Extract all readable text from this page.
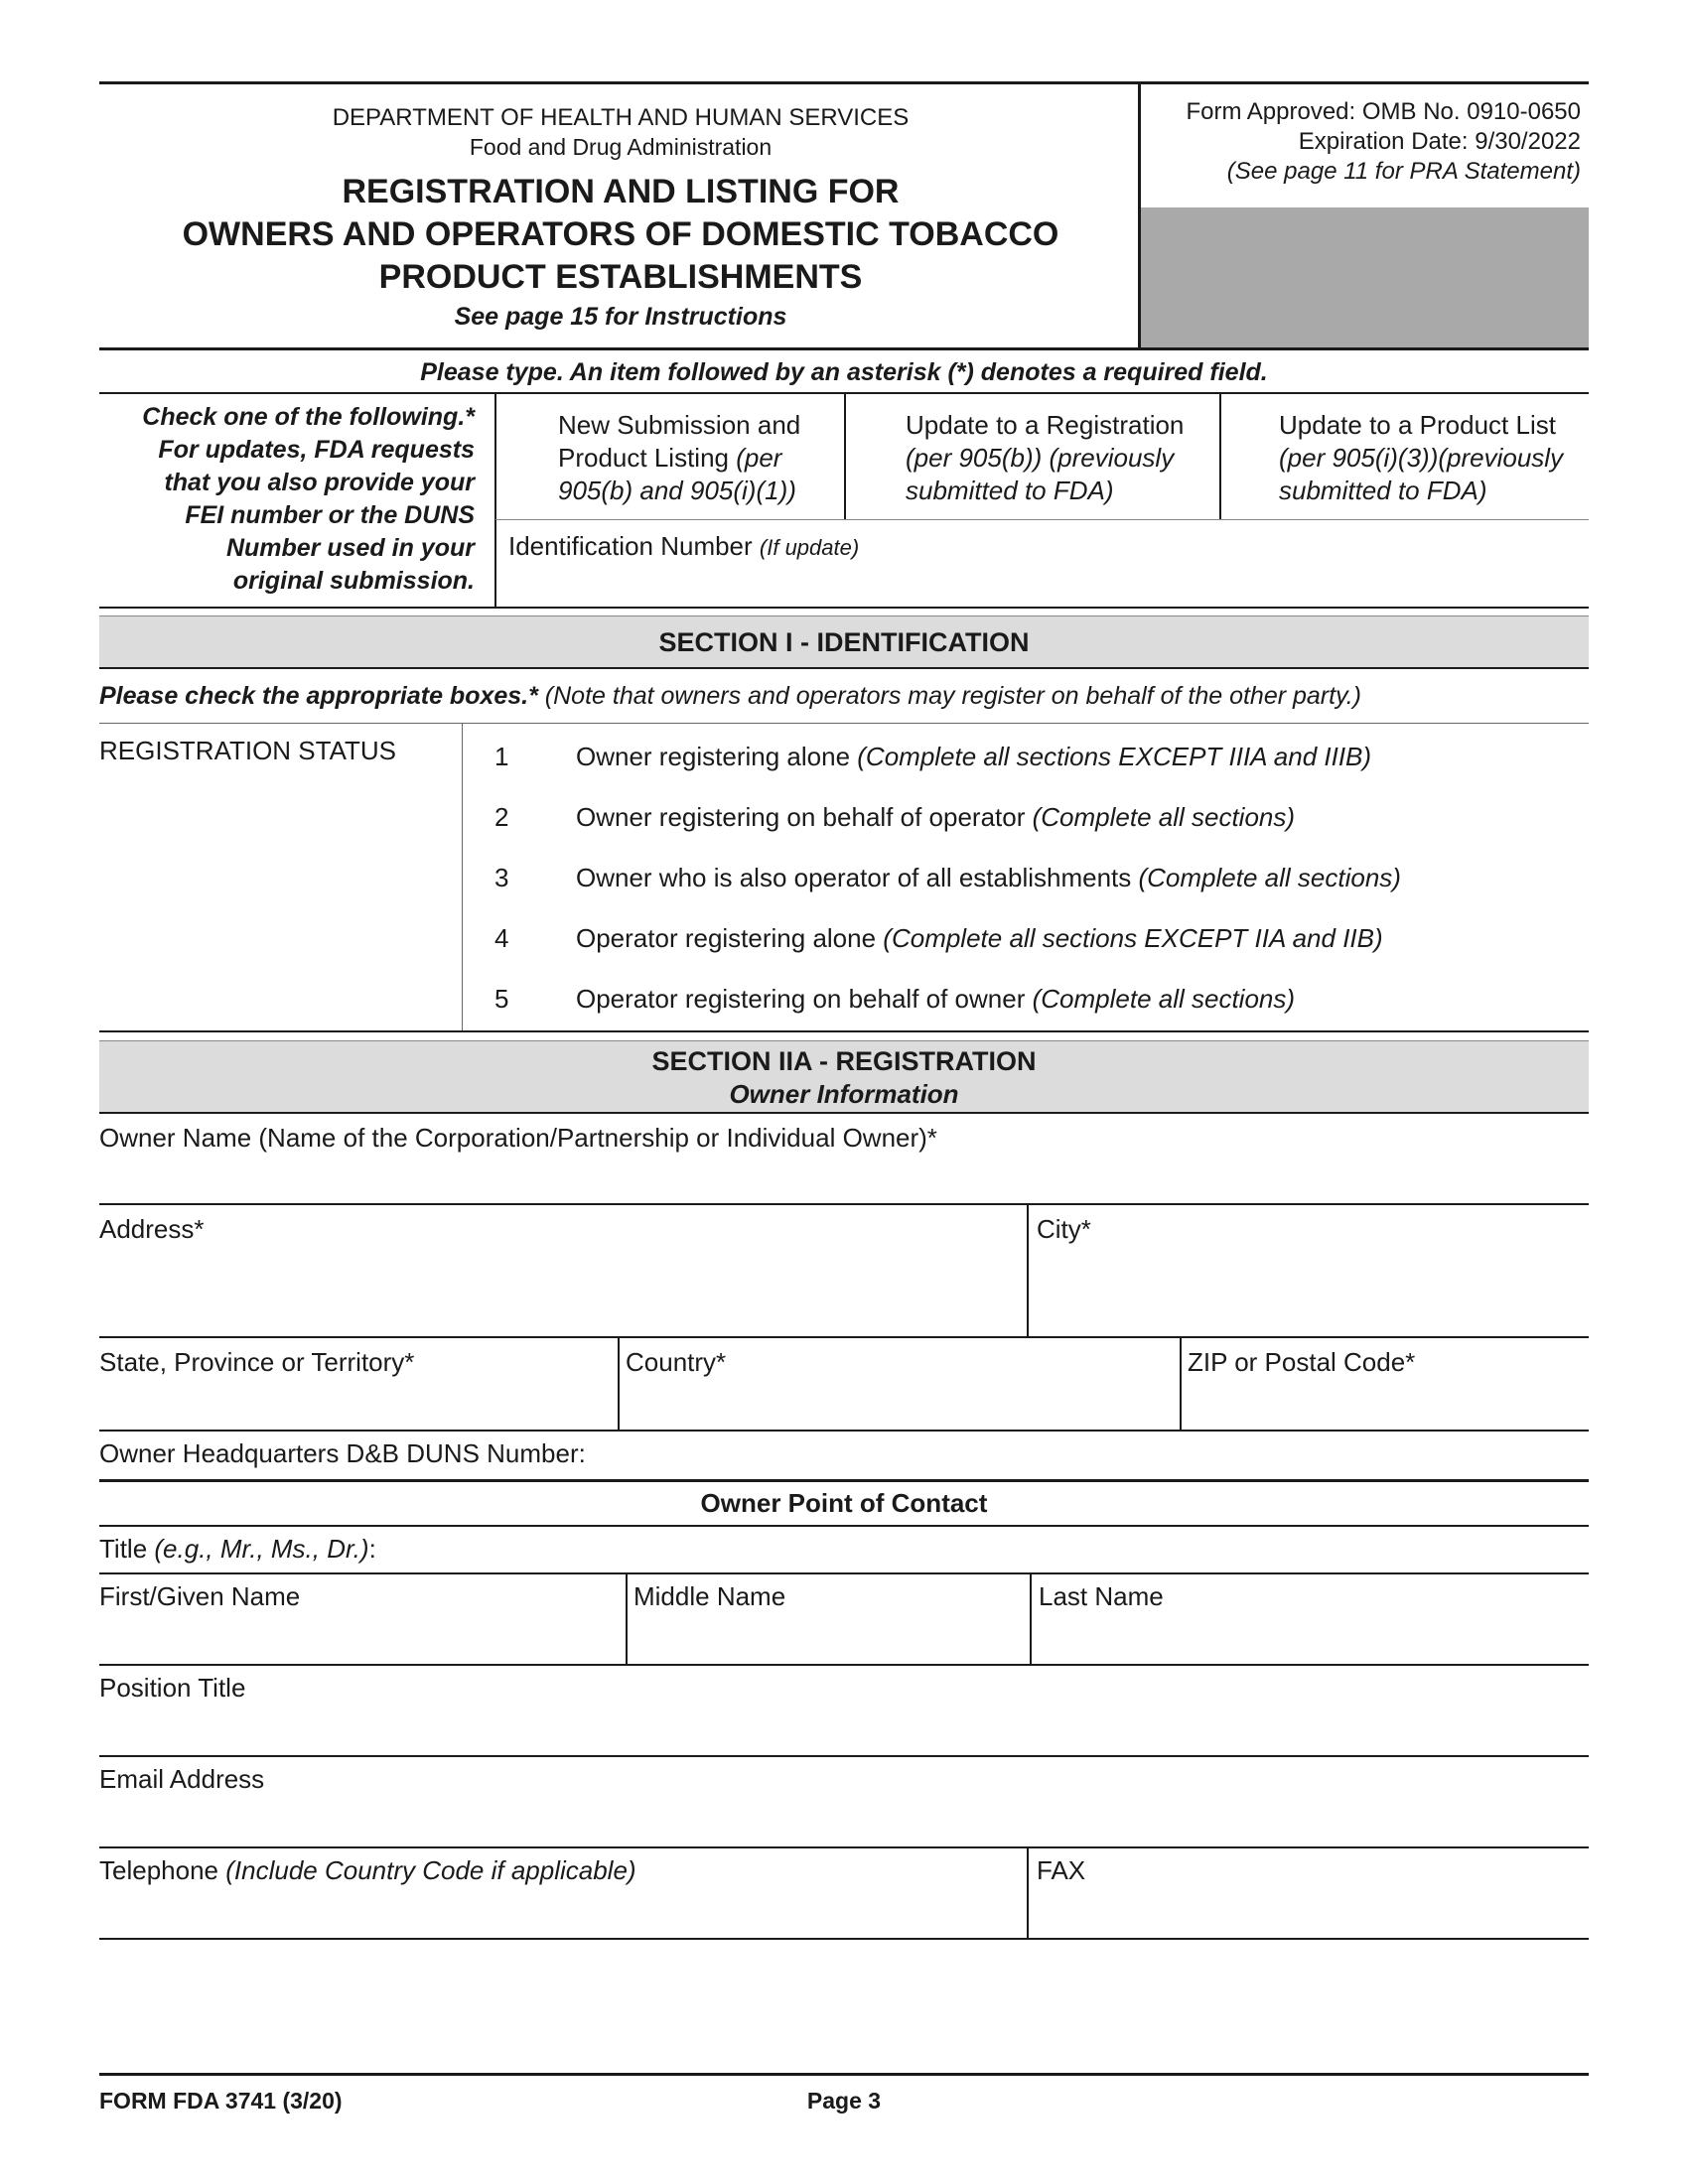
DEPARTMENT OF HEALTH AND HUMAN SERVICES
Food and Drug Administration
REGISTRATION AND LISTING FOR
OWNERS AND OPERATORS OF DOMESTIC TOBACCO
PRODUCT ESTABLISHMENTS
See page 15 for Instructions
Form Approved: OMB No. 0910-0650
Expiration Date: 9/30/2022
(See page 11 for PRA Statement)
Please type. An item followed by an asterisk (*) denotes a required field.
Check one of the following.*
For updates, FDA requests
that you also provide your
FEI number or the DUNS
Number used in your
original submission.
New Submission and
Product Listing (per
905(b) and 905(i)(1))
Update to a Registration
(per 905(b)) (previously
submitted to FDA)
Update to a Product List
(per 905(i)(3))(previously
submitted to FDA)
Identification Number (If update)
SECTION I - IDENTIFICATION
Please check the appropriate boxes.* (Note that owners and operators may register on behalf of the other party.)
REGISTRATION STATUS	1	Owner registering alone (Complete all sections EXCEPT IIIA and IIIB)
2	Owner registering on behalf of operator (Complete all sections)
3	Owner who is also operator of all establishments (Complete all sections)
4	Operator registering alone (Complete all sections EXCEPT IIA and IIB)
5	Operator registering on behalf of owner (Complete all sections)
SECTION IIA - REGISTRATION
Owner Information
Owner Name (Name of the Corporation/Partnership or Individual Owner)*
Address*	City*
State, Province or Territory*	Country*	ZIP or Postal Code*
Owner Headquarters D&B DUNS Number:
Owner Point of Contact
Title (e.g., Mr., Ms., Dr.):
First/Given Name	Middle Name	Last Name
Position Title
Email Address
Telephone (Include Country Code if applicable)	FAX
FORM FDA 3741 (3/20)	Page 3
